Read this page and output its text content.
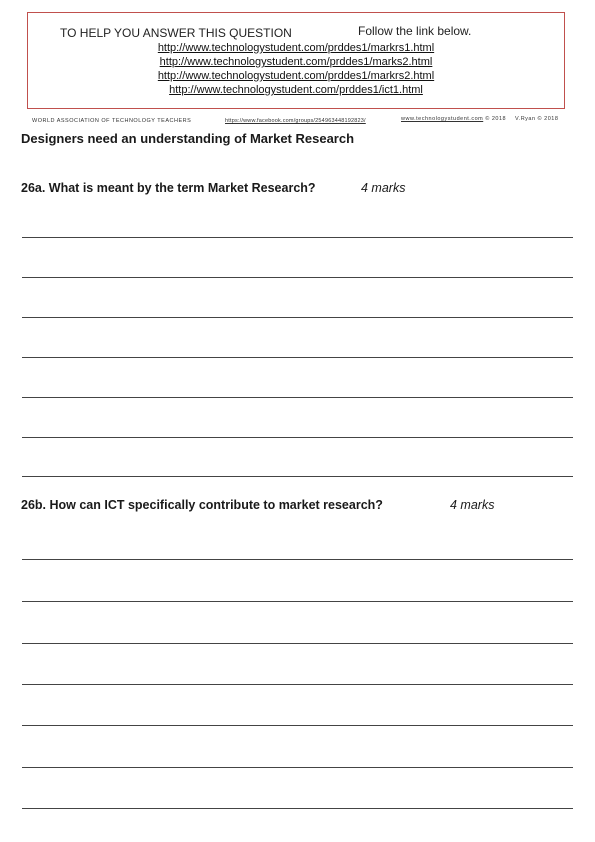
TO HELP YOU ANSWER THIS QUESTION	Follow the link below.
http://www.technologystudent.com/prddes1/markrs1.html
http://www.technologystudent.com/prddes1/marks2.html
http://www.technologystudent.com/prddes1/markrs2.html
http://www.technologystudent.com/prddes1/ict1.html
WORLD ASSOCIATION OF TECHNOLOGY TEACHERS	https://www.facebook.com/groups/254963448192823/	www.technologystudent.com © 2018 V.Ryan © 2018
Designers need an understanding of Market Research
26a. What is meant by the term Market Research?	4 marks
26b. How can ICT specifically contribute to market research?	4 marks
